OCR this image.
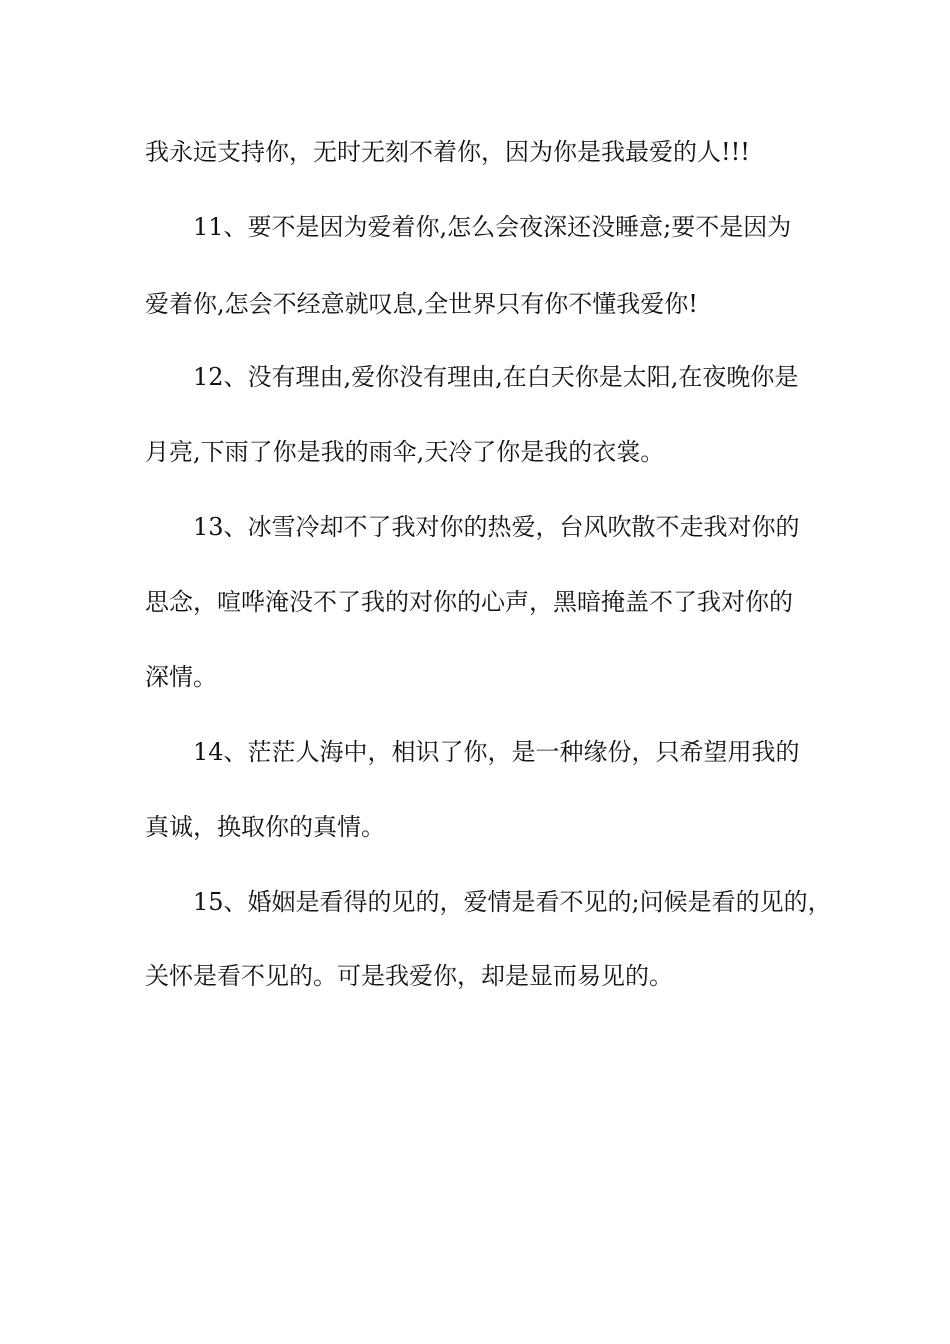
我永远支持你，无时无刻不着你，因为你是我最爱的人!!!
11、要不是因为爱着你,怎么会夜深还没睡意;要不是因为
爱着你,怎会不经意就叹息,全世界只有你不懂我爱你!
12、没有理由,爱你没有理由,在白天你是太阳,在夜晚你是
月亮,下雨了你是我的雨伞,天冷了你是我的衣裳。
13、冰雪冷却不了我对你的热爱，台风吹散不走我对你的
思念，喧哗淹没不了我的对你的心声，黑暗掩盖不了我对你的
深情。
14、茫茫人海中，相识了你，是一种缘份，只希望用我的
真诚，换取你的真情。
15、婚姻是看得的见的，爱情是看不见的;问候是看的见的，
关怀是看不见的。可是我爱你，却是显而易见的。
